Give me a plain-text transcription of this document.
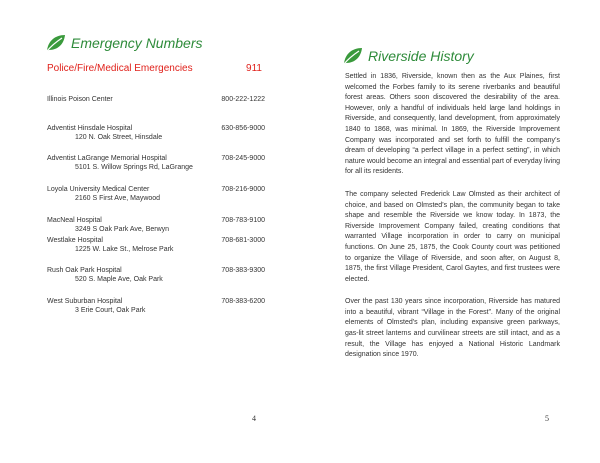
Emergency Numbers
Police/Fire/Medical Emergencies	911
Illinois Poison Center	800-222-1222
Adventist Hinsdale Hospital	630-856-9000
120 N. Oak Street, Hinsdale
Adventist LaGrange Memorial Hospital	708-245-9000
5101 S. Willow Springs Rd, LaGrange
Loyola University Medical Center	708-216-9000
2160 S First Ave, Maywood
MacNeal Hospital	708-783-9100
3249 S Oak Park Ave, Berwyn
Westlake Hospital	708-681-3000
1225 W. Lake St., Melrose Park
Rush Oak Park Hospital	708-383-9300
520 S. Maple Ave, Oak Park
West Suburban Hospital	708-383-6200
3 Erie Court, Oak Park
4
Riverside History

Settled in 1836, Riverside, known then as the Aux Plaines, first welcomed the Forbes family to its serene riverbanks and beautiful forest areas. Others soon discovered the desirability of the area. However, only a handful of individuals held large land holdings in Riverside, and consequently, land development, from approximately 1840 to 1868, was minimal. In 1869, the Riverside Improvement Company was incorporated and set forth to fulfill the company’s dream of developing “a perfect village in a perfect setting”, in which nature would become an integral and essential part of everyday living for all its residents.

The company selected Frederick Law Olmsted as their architect of choice, and based on Olmsted’s plan, the community began to take shape and resemble the Riverside we know today. In 1873, the Riverside Improvement Company failed, creating conditions that warranted Village incorporation in order to carry on municipal functions. On June 25, 1875, the Cook County court was petitioned to organize the Village of Riverside, and soon after, on August 8, 1875, the first Village President, Carol Gaytes, and first trustees were elected.

Over the past 130 years since incorporation, Riverside has matured into a beautiful, vibrant “Village in the Forest”. Many of the original elements of Olmsted’s plan, including expansive green parkways, gas-lit street lanterns and curvilinear streets are still intact, and as a result, the Village has enjoyed a National Historic Landmark designation since 1970.

5
